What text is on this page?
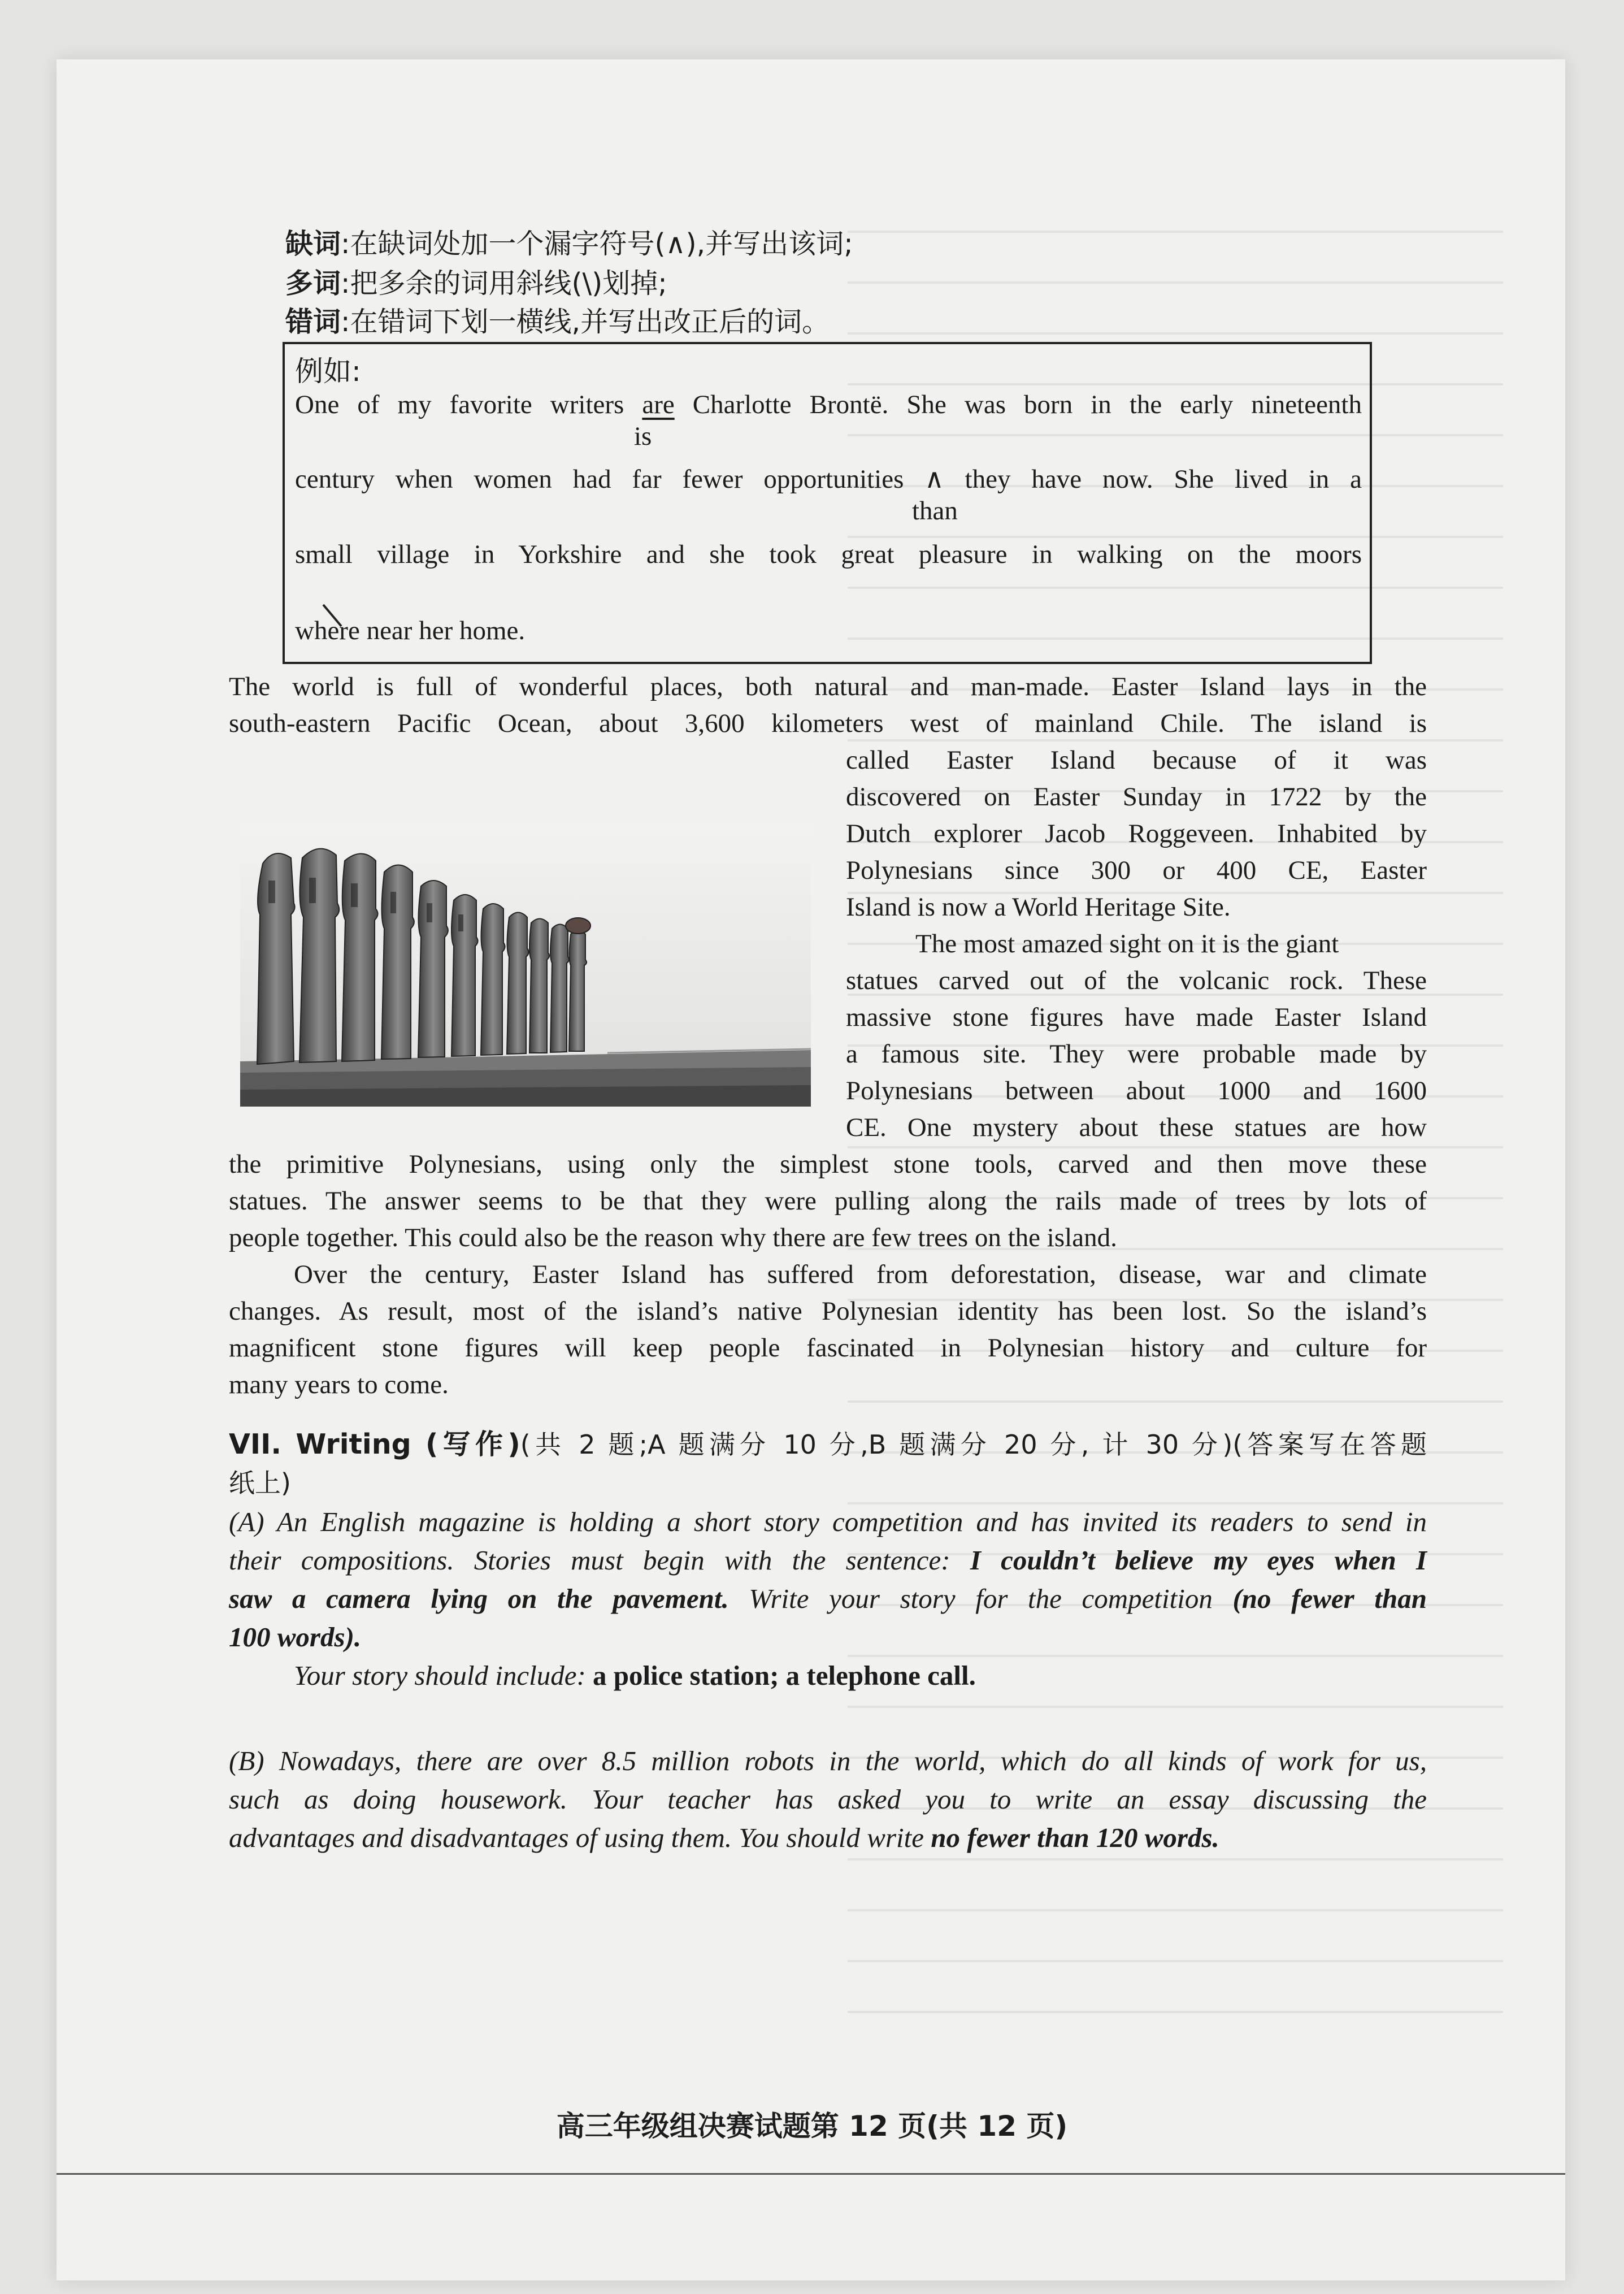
缺词:在缺词处加一个漏字符号(∧),并写出该词;
多词:把多余的词用斜线(\)划掉;
错词:在错词下划一横线,并写出改正后的词。
例如:
One of my favorite writers are Charlotte Brontë. She was born in the early nineteenth
is
century when women had far fewer opportunities ∧ they have now. She lived in a
than
small village in Yorkshire and she took great pleasure in walking on the moors
where near her home.
The world is full of wonderful places, both natural and man-made. Easter Island lays in the
south-eastern Pacific Ocean, about 3,600 kilometers west of mainland Chile. The island is
called Easter Island because of it was
discovered on Easter Sunday in 1722 by the
Dutch explorer Jacob Roggeveen. Inhabited by
Polynesians since 300 or 400 CE, Easter
Island is now a World Heritage Site.
The most amazed sight on it is the giant
statues carved out of the volcanic rock. These
massive stone figures have made Easter Island
a famous site. They were probable made by
Polynesians between about 1000 and 1600
CE. One mystery about these statues are how
the primitive Polynesians, using only the simplest stone tools, carved and then move these
statues. The answer seems to be that they were pulling along the rails made of trees by lots of
people together. This could also be the reason why there are few trees on the island.
Over the century, Easter Island has suffered from deforestation, disease, war and climate
changes. As result, most of the island’s native Polynesian identity has been lost. So the island’s
magnificent stone figures will keep people fascinated in Polynesian history and culture for
many years to come.
VII. Writing (写作)(共 2 题;A 题满分 10 分,B 题满分 20 分, 计 30 分)(答案写在答题
纸上)
(A) An English magazine is holding a short story competition and has invited its readers to send in
their compositions. Stories must begin with the sentence: I couldn’t believe my eyes when I
saw a camera lying on the pavement. Write your story for the competition (no fewer than
100 words).
Your story should include: a police station; a telephone call.
(B) Nowadays, there are over 8.5 million robots in the world, which do all kinds of work for us,
such as doing housework. Your teacher has asked you to write an essay discussing the
advantages and disadvantages of using them. You should write no fewer than 120 words.
高三年级组决赛试题第 12 页(共 12 页)
